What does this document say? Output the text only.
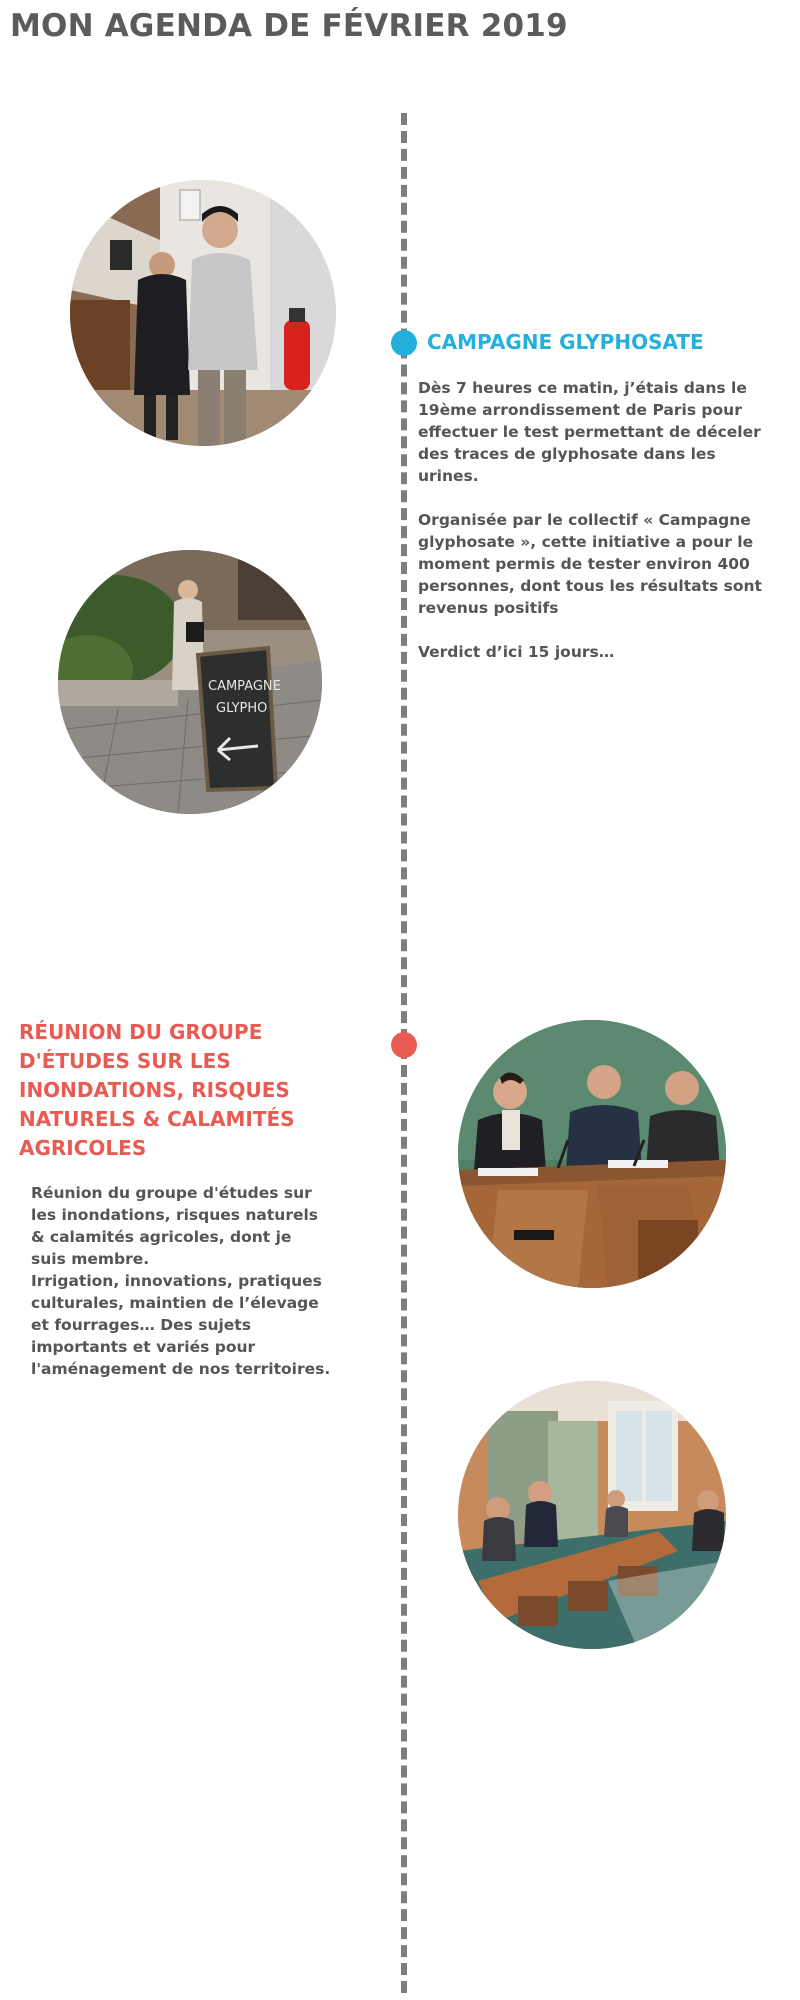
MON AGENDA DE FÉVRIER 2019
CAMPAGNE GLYPHOSATE

Dès 7 heures ce matin, j’étais dans le 19ème arrondissement de Paris pour effectuer le test permettant de déceler des traces de glyphosate dans les urines.

Organisée par le collectif « Campagne glyphosate », cette initiative a pour le moment permis de tester environ 400 personnes, dont tous les résultats sont revenus positifs

Verdict d’ici 15 jours…

CAMPAGNE
GLYPHO
RÉUNION DU GROUPE D'ÉTUDES SUR LES INONDATIONS, RISQUES NATURELS & CALAMITÉS AGRICOLES

Réunion du groupe d'études sur les inondations, risques naturels & calamités agricoles, dont je suis membre.
Irrigation, innovations, pratiques culturales, maintien de l’élevage et fourrages… Des sujets importants et variés pour l'aménagement de nos territoires.
